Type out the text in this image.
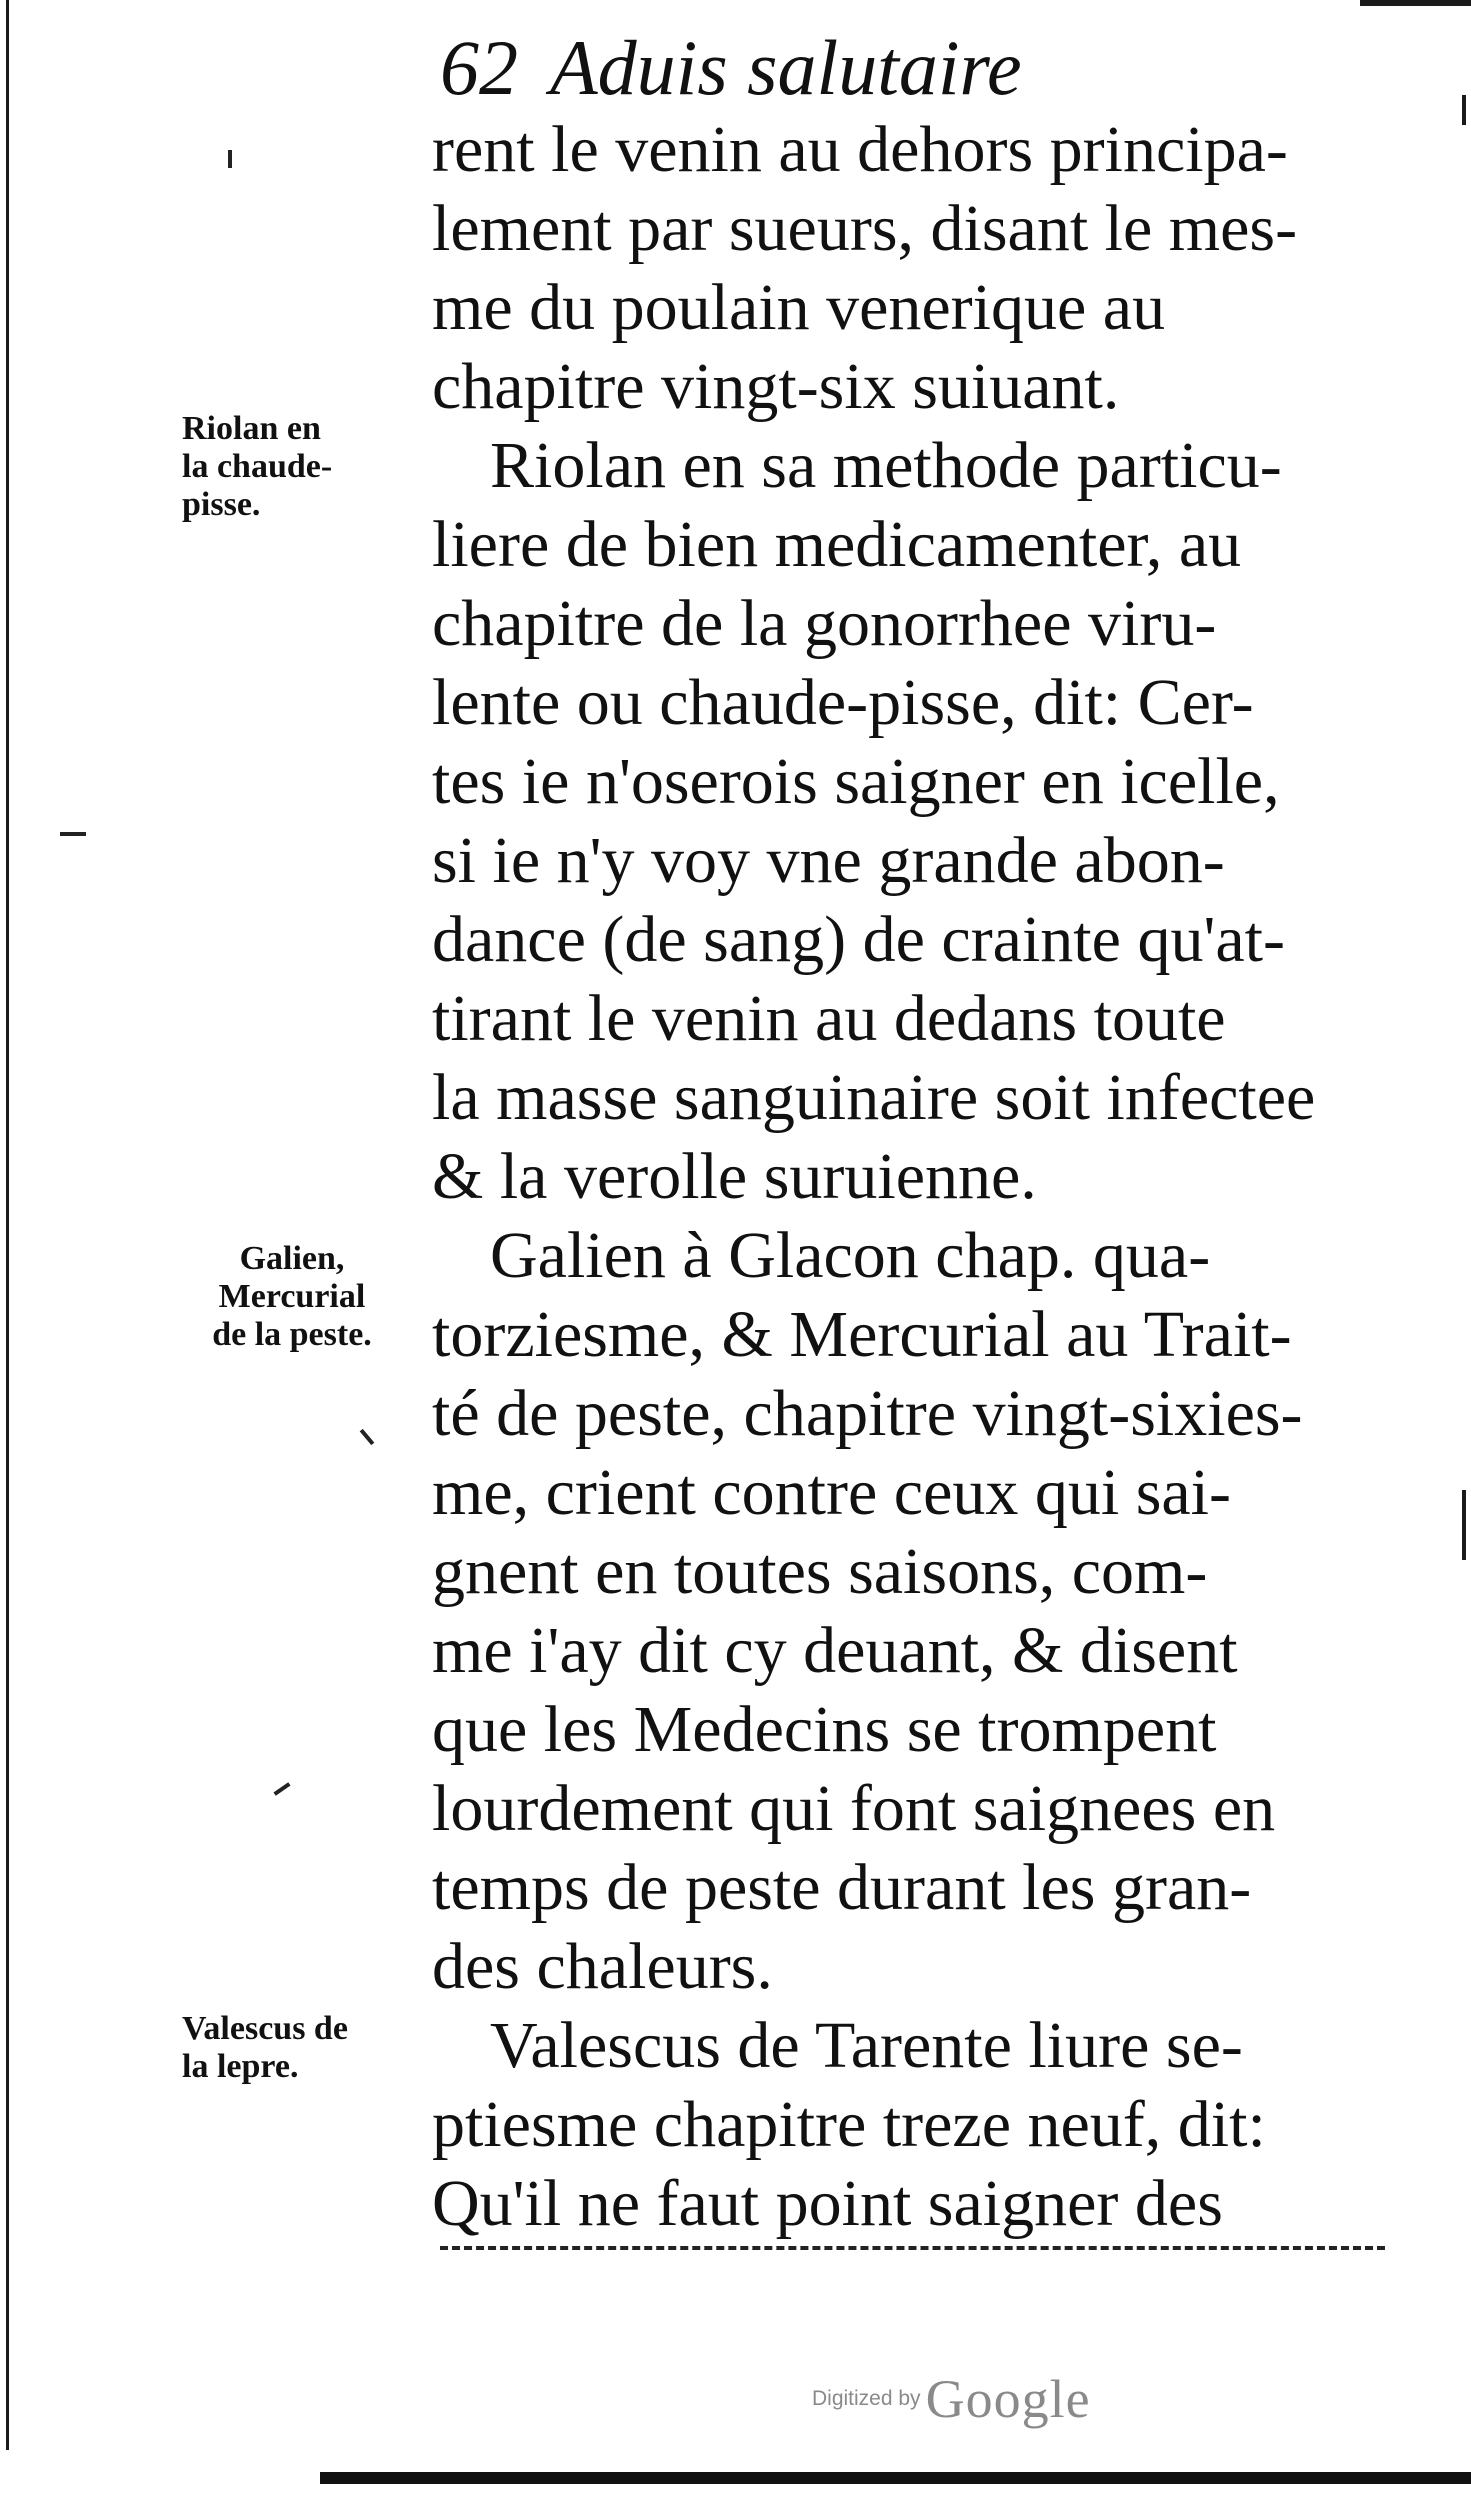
62 Aduis salutaire
Riolan en
la chaude-
pisse.
Galien,
Mercurial
de la peste.
Valescus de
la lepre.
rent le venin au dehors principa-
lement par sueurs, disant le mes-
me du poulain venerique au
chapitre vingt-six suiuant.
Riolan en sa methode particu-
liere de bien medicamenter, au
chapitre de la gonorrhee viru-
lente ou chaude-pisse, dit: Cer-
tes ie n'oserois saigner en icelle,
si ie n'y voy vne grande abon-
dance (de sang) de crainte qu'at-
tirant le venin au dedans toute
la masse sanguinaire soit infectee
& la verolle suruienne.
Galien à Glacon chap. qua-
torziesme, & Mercurial au Trait-
té de peste, chapitre vingt-sixies-
me, crient contre ceux qui sai-
gnent en toutes saisons, com-
me i'ay dit cy deuant, & disent
que les Medecins se trompent
lourdement qui font saignees en
temps de peste durant les gran-
des chaleurs.
Valescus de Tarente liure se-
ptiesme chapitre treze neuf, dit:
Qu'il ne faut point saigner des
Digitized by Google
